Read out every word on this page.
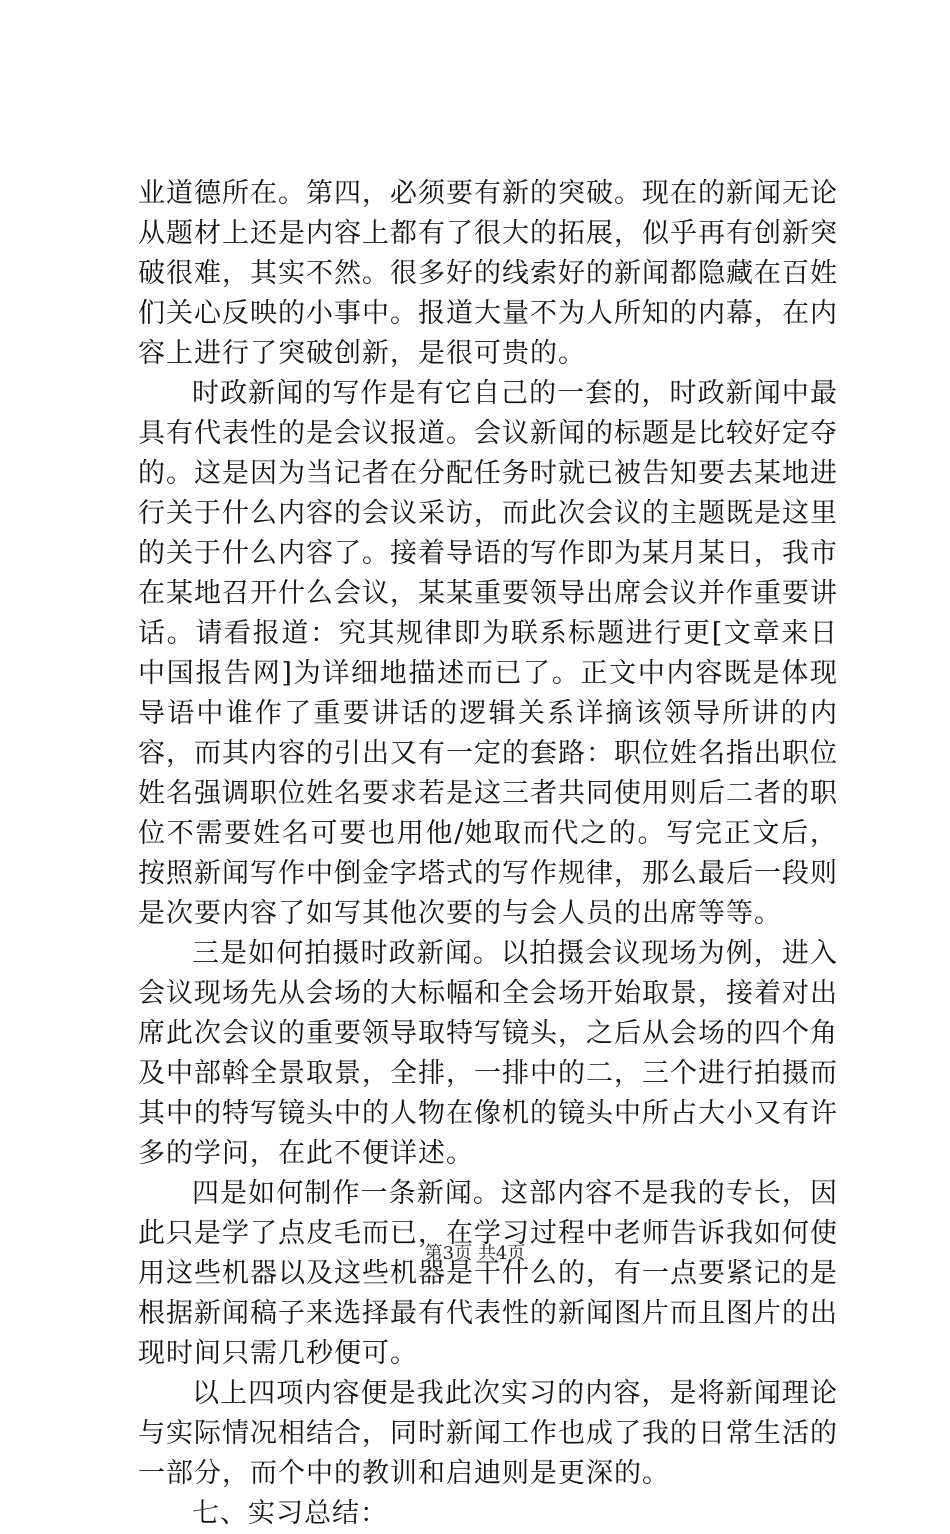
业道德所在。第四，必须要有新的突破。现在的新闻无论从题材上还是内容上都有了很大的拓展，似乎再有创新突破很难，其实不然。很多好的线索好的新闻都隐藏在百姓们关心反映的小事中。报道大量不为人所知的内幕，在内容上进行了突破创新，是很可贵的。

时政新闻的写作是有它自己的一套的，时政新闻中最具有代表性的是会议报道。会议新闻的标题是比较好定夺的。这是因为当记者在分配任务时就已被告知要去某地进行关于什么内容的会议采访，而此次会议的主题既是这里的关于什么内容了。接着导语的写作即为某月某日，我市在某地召开什么会议，某某重要领导出席会议并作重要讲话。请看报道：究其规律即为联系标题进行更[文章来日中国报告网]为详细地描述而已了。正文中内容既是体现导语中谁作了重要讲话的逻辑关系详摘该领导所讲的内容，而其内容的引出又有一定的套路：职位姓名指出职位姓名强调职位姓名要求若是这三者共同使用则后二者的职位不需要姓名可要也用他/她取而代之的。写完正文后，按照新闻写作中倒金字塔式的写作规律，那么最后一段则是次要内容了如写其他次要的与会人员的出席等等。

三是如何拍摄时政新闻。以拍摄会议现场为例，进入会议现场先从会场的大标幅和全会场开始取景，接着对出席此次会议的重要领导取特写镜头，之后从会场的四个角及中部斡全景取景，全排，一排中的二，三个进行拍摄而其中的特写镜头中的人物在像机的镜头中所占大小又有许多的学问，在此不便详述。

四是如何制作一条新闻。这部内容不是我的专长，因此只是学了点皮毛而已，在学习过程中老师告诉我如何使用这些机器以及这些机器是干什么的，有一点要紧记的是根据新闻稿子来选择最有代表性的新闻图片而且图片的出现时间只需几秒便可。

以上四项内容便是我此次实习的内容，是将新闻理论与实际情况相结合，同时新闻工作也成了我的日常生活的一部分，而个中的教训和启迪则是更深的。

七、实习总结：

第3页 共4页
